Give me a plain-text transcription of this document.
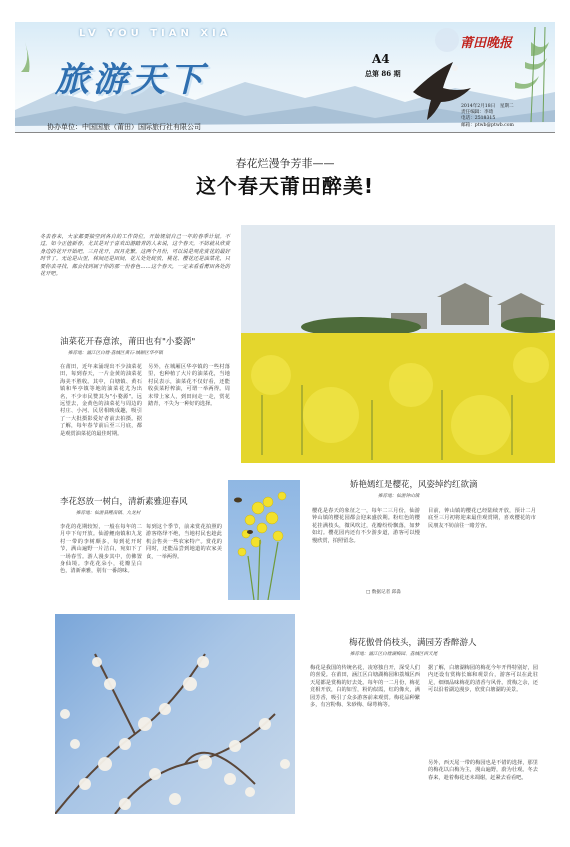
LV YOU TIAN XIA
旅游天下
莆田晚报
A4
总第 86 期
2014年2月18日　星期二
责任编辑：李琦
电话：2518315
邮箱：ptwb@ptwb.com
协办单位：中国国旅（莆田）国际旅行社有限公司
春花烂漫争芳菲——
这个春天莆田醉美!
冬去春来，大家都要抽空到各自的工作岗位，开始规划自己一年的春季计划。不过，如今正值新春，尤其是对于喜欢出游踏青的人来说，这个春天，不妨就从欣赏身边的花开开始吧。三月花开，四月花繁。这两个月份，可以说是观花赏花的最好时节了。无论是山里，林间还是田间，花儿处处绽放，桃花、樱花还是油菜花，只要你去寻找，都会找到属于你的那一份春色……这个春天，一定来看看莆田各处的花开吧。
油菜花开春意浓，莆田也有"小婺源"
推荐地：涵江区白塘·荔城区黄石·城厢区华亭镇
在莆田，近年来涌现出不少油菜花田，每到春天，一片金黄的油菜花海美不胜收。其中，白塘镇、黄石镇和华亭镇等地的油菜花尤为出名，不少市民赞其为"小婺源"。远远望去，金黄色的油菜花与周边的村庄、小河、民居相映成趣，吸引了一大批摄影爱好者前去拍摄。据了解，每年春节前后至三月底，都是观赏油菜花的最佳时期。
另外，在城厢区华亭镇的一些村落里，也种植了大片的油菜花，当地村民表示，油菜花不仅好看，还能收获菜籽榨油，可谓一举两得。周末带上家人，到田间走一走，赏花踏青，不失为一种好的选择。
李花怒放一树白，清新素雅迎春风
推荐地：仙游县鲤南镇、九龙村
李花的花期较短，一般在每年的二月中下旬开放。仙游鲤南镇和九龙村一带的李树颇多，每到花开时节，满山遍野一片洁白，宛如下了一场春雪。游人漫步其中，仿佛置身仙境。李花花朵小，花瓣呈白色，清新素雅，别有一番韵味。
每到这个季节，前来赏花拍照的游客络绎不绝，当地村民也趁此机会售卖一些农家特产。赏花的同时，还能品尝到地道的农家美食，一举两得。
娇艳嫣红是樱花，风姿绰约红欲滴
推荐地：仙游钟山镇
樱花是春天的象征之一，每年二三月份，仙游钟山镇的樱花园都会迎来盛放期。粉红色的樱花挂满枝头，微风吹过，花瓣纷纷飘落，如梦如幻。樱花园内还有不少游步道，游客可以慢慢欣赏，拍照留念。
目前，钟山镇的樱花已经陆续开放，预计二月底至三月初将迎来最佳观赏期，喜欢樱花的市民朋友不妨前往一睹芳容。
□ 数据记者 邱淼
梅花傲骨俏枝头，满园芳香醉游人
推荐地：涵江区白塘湖梅园、荔城区西天尾
梅花是我国的传统名花，凌寒独自开，深受人们的喜爱。在莆田，涵江区白塘湖梅园和荔城区西天尾都是赏梅的好去处。每年的一二月份，梅花竞相开放，白的如雪，粉的似霞，红的像火，满园芳香，吸引了众多游客前来观赏。梅花品种繁多，有宫粉梅、朱砂梅、绿萼梅等。
据了解，白塘湖梅园的梅花今年开得特别好，园内还设有赏梅长廊和观景台，游客可以在此驻足，细细品味梅花的清香与风骨。赏梅之余，还可以沿着湖边漫步，欣赏白塘湖的美景。
另外，西天尾一带的梅园也是不错的选择，那里的梅花以白梅为主，漫山遍野，蔚为壮观。冬去春来，趁着梅花还未凋谢，赶紧去看看吧。
